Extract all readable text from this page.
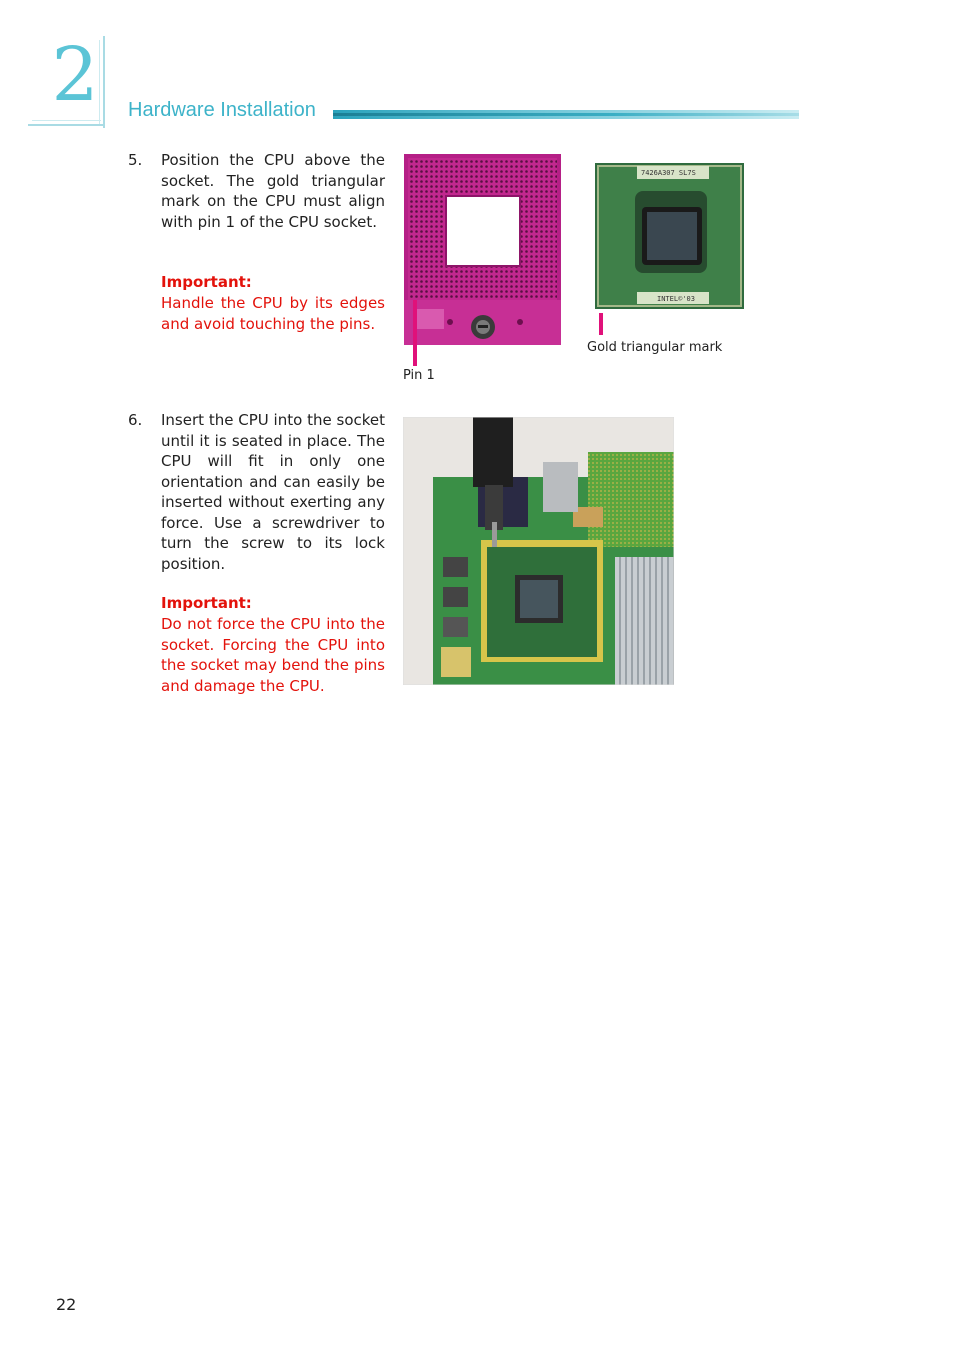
2	Hardware Installation
5. Position the CPU above the socket. The gold triangular mark on the CPU must align with pin 1 of the CPU socket.
Important:
Handle the CPU by its edges and avoid touching the pins.
Pin 1
7426A307 SL7S
INTEL©'03
Gold triangular mark
6. Insert the CPU into the socket until it is seated in place. The CPU will fit in only one orientation and can easily be inserted without exerting any force. Use a screwdriver to turn the screw to its lock position.
Important:
Do not force the CPU into the socket. Forcing the CPU into the socket may bend the pins and damage the CPU.
22
